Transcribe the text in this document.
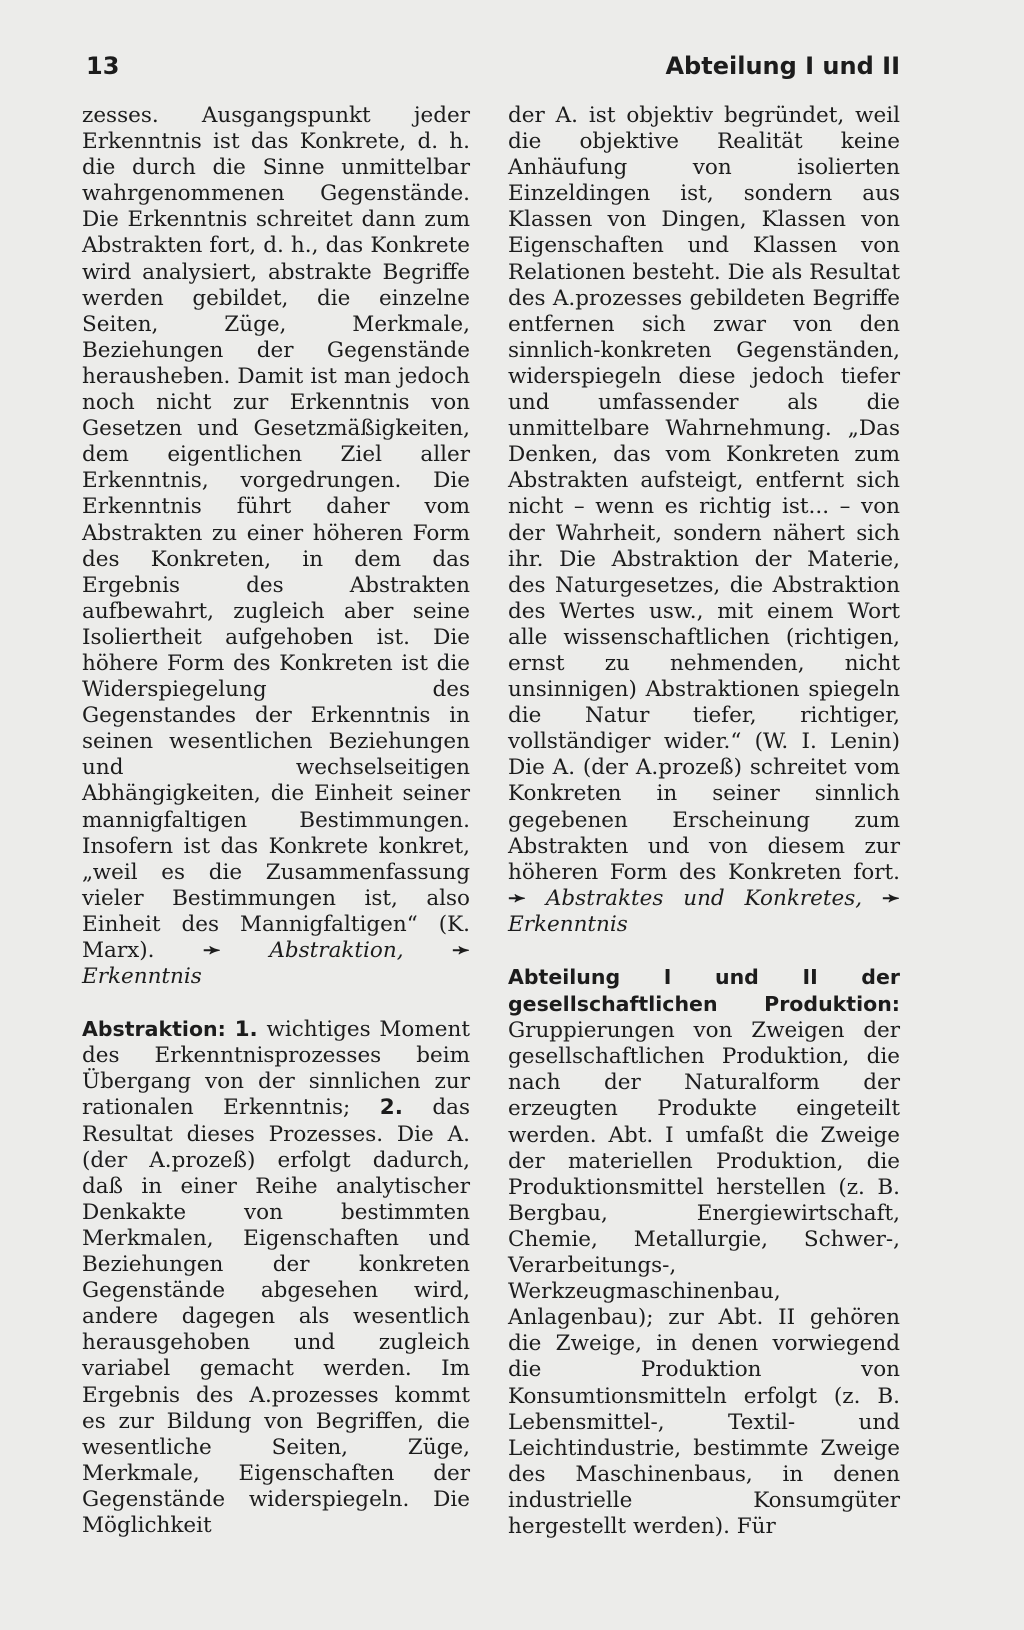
13	Abteilung I und II

zesses. Ausgangspunkt jeder Erkenntnis ist das Konkrete, d. h. die durch die Sinne unmittelbar wahrgenommenen Gegenstände. Die Erkenntnis schreitet dann zum Abstrakten fort, d. h., das Konkrete wird analysiert, abstrakte Begriffe werden gebildet, die einzelne Seiten, Züge, Merkmale, Beziehungen der Gegenstände herausheben. Damit ist man jedoch noch nicht zur Erkenntnis von Gesetzen und Gesetzmäßigkeiten, dem eigentlichen Ziel aller Erkenntnis, vorgedrungen. Die Erkenntnis führt daher vom Abstrakten zu einer höheren Form des Konkreten, in dem das Ergebnis des Abstrakten aufbewahrt, zugleich aber seine Isoliertheit aufgehoben ist. Die höhere Form des Konkreten ist die Widerspiegelung des Gegenstandes der Erkenntnis in seinen wesentlichen Beziehungen und wechselseitigen Abhängigkeiten, die Einheit seiner mannigfaltigen Bestimmungen. Insofern ist das Konkrete konkret, „weil es die Zusammenfassung vieler Bestimmungen ist, also Einheit des Mannigfaltigen“ (K. Marx). ➛ Abstraktion, ➛ Erkenntnis

Abstraktion: 1. wichtiges Moment des Erkenntnisprozesses beim Übergang von der sinnlichen zur rationalen Erkenntnis; 2. das Resultat dieses Prozesses. Die A. (der A.prozeß) erfolgt dadurch, daß in einer Reihe analytischer Denkakte von bestimmten Merkmalen, Eigenschaften und Beziehungen der konkreten Gegenstände abgesehen wird, andere dagegen als wesentlich herausgehoben und zugleich variabel gemacht werden. Im Ergebnis des A.prozesses kommt es zur Bildung von Begriffen, die wesentliche Seiten, Züge, Merkmale, Eigenschaften der Gegenstände widerspiegeln. Die Möglichkeit

der A. ist objektiv begründet, weil die objektive Realität keine Anhäufung von isolierten Einzeldingen ist, sondern aus Klassen von Dingen, Klassen von Eigenschaften und Klassen von Relationen besteht. Die als Resultat des A.prozesses gebildeten Begriffe entfernen sich zwar von den sinnlich-konkreten Gegenständen, widerspiegeln diese jedoch tiefer und umfassender als die unmittelbare Wahrnehmung. „Das Denken, das vom Konkreten zum Abstrakten aufsteigt, entfernt sich nicht – wenn es richtig ist... – von der Wahrheit, sondern nähert sich ihr. Die Abstraktion der Materie, des Naturgesetzes, die Abstraktion des Wertes usw., mit einem Wort alle wissenschaftlichen (richtigen, ernst zu nehmenden, nicht unsinnigen) Abstraktionen spiegeln die Natur tiefer, richtiger, vollständiger wider.“ (W. I. Lenin) Die A. (der A.prozeß) schreitet vom Konkreten in seiner sinnlich gegebenen Erscheinung zum Abstrakten und von diesem zur höheren Form des Konkreten fort. ➛ Abstraktes und Konkretes, ➛ Erkenntnis

Abteilung I und II der gesellschaftlichen Produktion: Gruppierungen von Zweigen der gesellschaftlichen Produktion, die nach der Naturalform der erzeugten Produkte eingeteilt werden. Abt. I umfaßt die Zweige der materiellen Produktion, die Produktionsmittel herstellen (z. B. Bergbau, Energiewirtschaft, Chemie, Metallurgie, Schwer-, Verarbeitungs-, Werkzeugmaschinenbau, Anlagenbau); zur Abt. II gehören die Zweige, in denen vorwiegend die Produktion von Konsumtionsmitteln erfolgt (z. B. Lebensmittel-, Textil- und Leichtindustrie, bestimmte Zweige des Maschinenbaus, in denen industrielle Konsumgüter hergestellt werden). Für
